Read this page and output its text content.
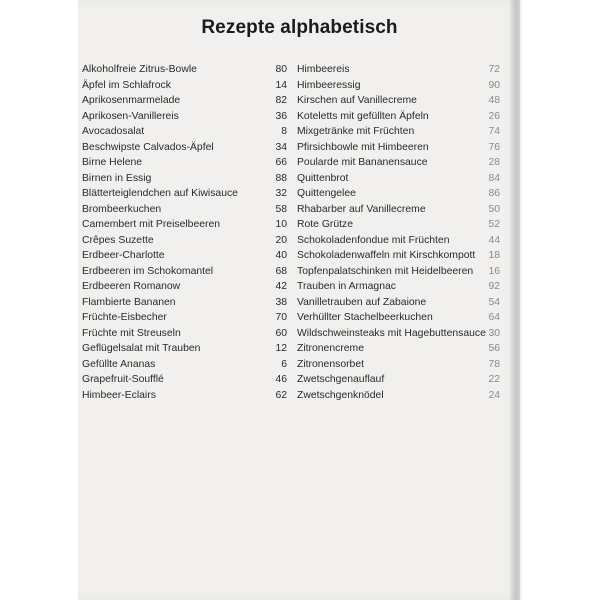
Rezepte alphabetisch
Alkoholfreie Zitrus-Bowle	80
Äpfel im Schlafrock	14
Aprikosenmarmelade	82
Aprikosen-Vanillereis	36
Avocadosalat	8
Beschwipste Calvados-Äpfel	34
Birne Helene	66
Birnen in Essig	88
Blätterteiglendchen auf Kiwisauce	32
Brombeerkuchen	58
Camembert mit Preiselbeeren	10
Crêpes Suzette	20
Erdbeer-Charlotte	40
Erdbeeren im Schokomantel	68
Erdbeeren Romanow	42
Flambierte Bananen	38
Früchte-Eisbecher	70
Früchte mit Streuseln	60
Geflügelsalat mit Trauben	12
Gefüllte Ananas	6
Grapefruit-Soufflé	46
Himbeer-Eclairs	62
Himbeereis	72
Himbeeressig	90
Kirschen auf Vanillecreme	48
Koteletts mit gefüllten Äpfeln	26
Mixgetränke mit Früchten	74
Pfirsichbowle mit Himbeeren	76
Poularde mit Bananensauce	28
Quittenbrot	84
Quittengelee	86
Rhabarber auf Vanillecreme	50
Rote Grütze	52
Schokoladenfondue mit Früchten	44
Schokoladenwaffeln mit Kirschkompott 18
Topfenpalatschinken mit Heidelbeeren 16
Trauben in Armagnac	92
Vanilletrauben auf Zabaione	54
Verhüllter Stachelbeerkuchen	64
Wildschweinsteaks mit Hagebuttensauce 30
Zitronencreme	56
Zitronensorbet	78
Zwetschgenauflauf	22
Zwetschgenknödel	24
